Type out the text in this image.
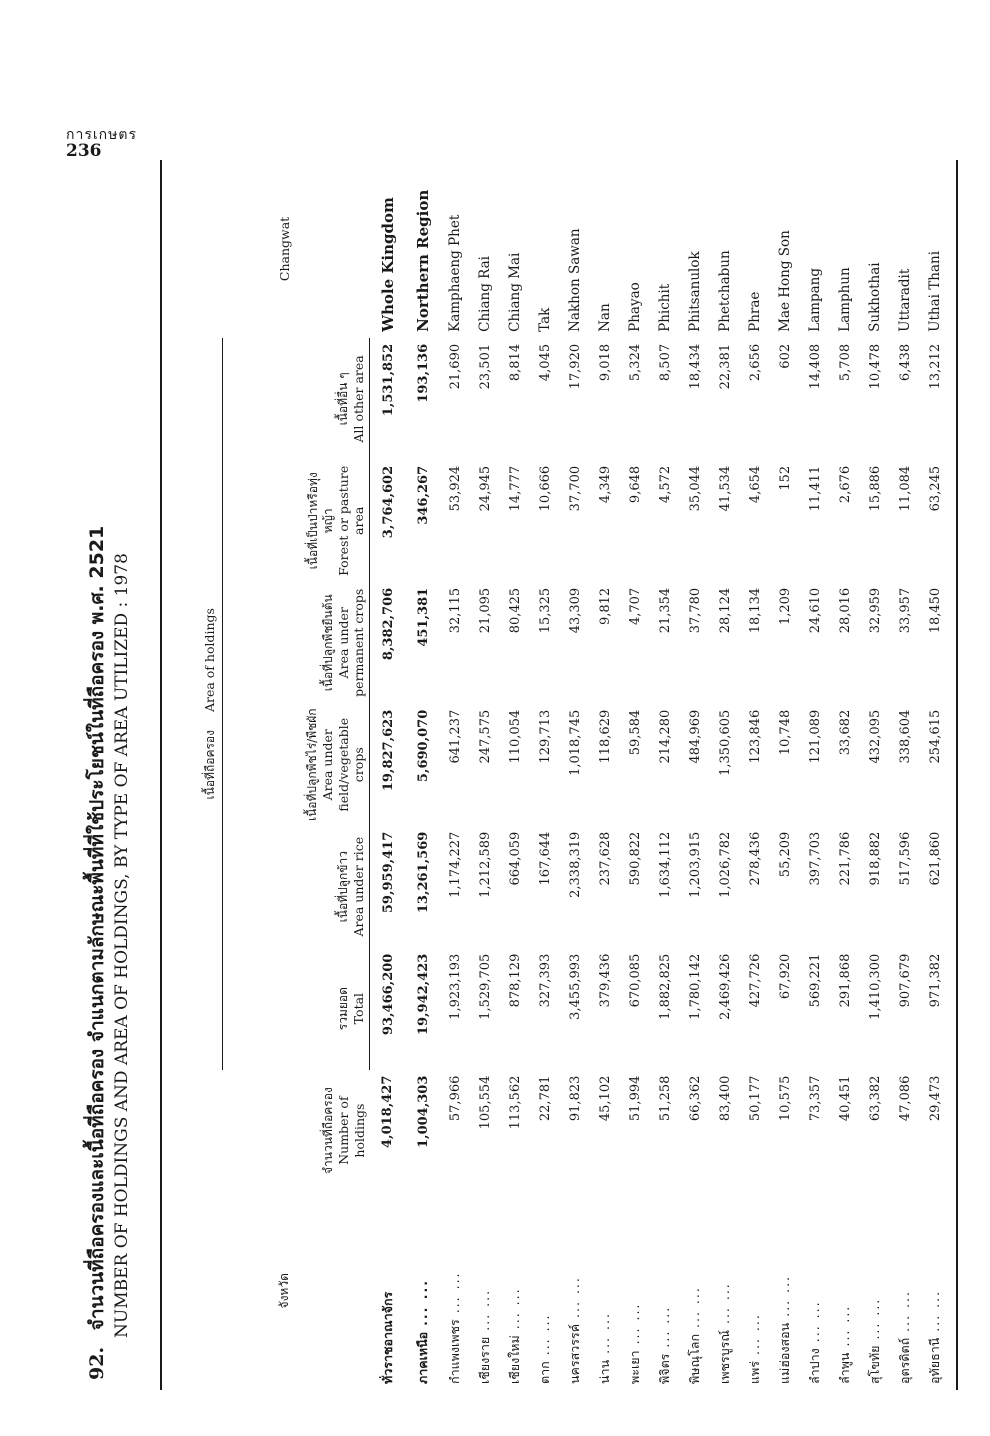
การเกษตร
236
92. จำนวนที่ถือครองและเนื้อที่ถือครอง จำแนกตามลักษณะพื้นที่ที่ใช้ประโยชน์ในที่ถือครอง พ.ศ. 2521 NUMBER OF HOLDINGS AND AREA OF HOLDINGS, BY TYPE OF AREA UTILIZED : 1978	จังหวัด	จำนวนที่ถือครอง Number of holdings	เนื้อที่ถือครอง Area of holdings						Changwat

		รวมยอด Total	เนื้อที่ปลูกข้าว Area under rice	เนื้อที่ปลูกพืชไร่/พืชผัก Area under field/vegetable crops	เนื้อที่ปลูกพืชยืนต้น Area under permanent crops	เนื้อที่เป็นป่าหรือทุ่งหญ้า Forest or pasture area	เนื้อที่อื่น ๆ All other area	
ทั่วราชอาณาจักร	4,018,427	93,466,200	59,959,417	19,827,623	8,382,706	3,764,602	1,531,852	Whole Kingdom
ภาคเหนือ... ...	1,004,303	19,942,423	13,261,569	5,690,070	451,381	346,267	193,136	Northern Region
กำแพงเพชร... ...	57,966	1,923,193	1,174,227	641,237	32,115	53,924	21,690	Kamphaeng Phet
เชียงราย... ...	105,554	1,529,705	1,212,589	247,575	21,095	24,945	23,501	Chiang Rai
เชียงใหม่... ...	113,562	878,129	664,059	110,054	80,425	14,777	8,814	Chiang Mai
ตาก... ...	22,781	327,393	167,644	129,713	15,325	10,666	4,045	Tak
นครสวรรค์... ...	91,823	3,455,993	2,338,319	1,018,745	43,309	37,700	17,920	Nakhon Sawan
น่าน... ...	45,102	379,436	237,628	118,629	9,812	4,349	9,018	Nan
พะเยา... ...	51,994	670,085	590,822	59,584	4,707	9,648	5,324	Phayao
พิจิตร... ...	51,258	1,882,825	1,634,112	214,280	21,354	4,572	8,507	Phichit
พิษณุโลก... ...	66,362	1,780,142	1,203,915	484,969	37,780	35,044	18,434	Phitsanulok
เพชรบูรณ์... ...	83,400	2,469,426	1,026,782	1,350,605	28,124	41,534	22,381	Phetchabun
แพร่... ...	50,177	427,726	278,436	123,846	18,134	4,654	2,656	Phrae
แม่ฮ่องสอน... ...	10,575	67,920	55,209	10,748	1,209	152	602	Mae Hong Son
ลำปาง... ...	73,357	569,221	397,703	121,089	24,610	11,411	14,408	Lampang
ลำพูน... ...	40,451	291,868	221,786	33,682	28,016	2,676	5,708	Lamphun
สุโขทัย... ...	63,382	1,410,300	918,882	432,095	32,959	15,886	10,478	Sukhothai
อุตรดิตถ์... ...	47,086	907,679	517,596	338,604	33,957	11,084	6,438	Uttaradit
อุทัยธานี... ...	29,473	971,382	621,860	254,615	18,450	63,245	13,212	Uthai Thani
